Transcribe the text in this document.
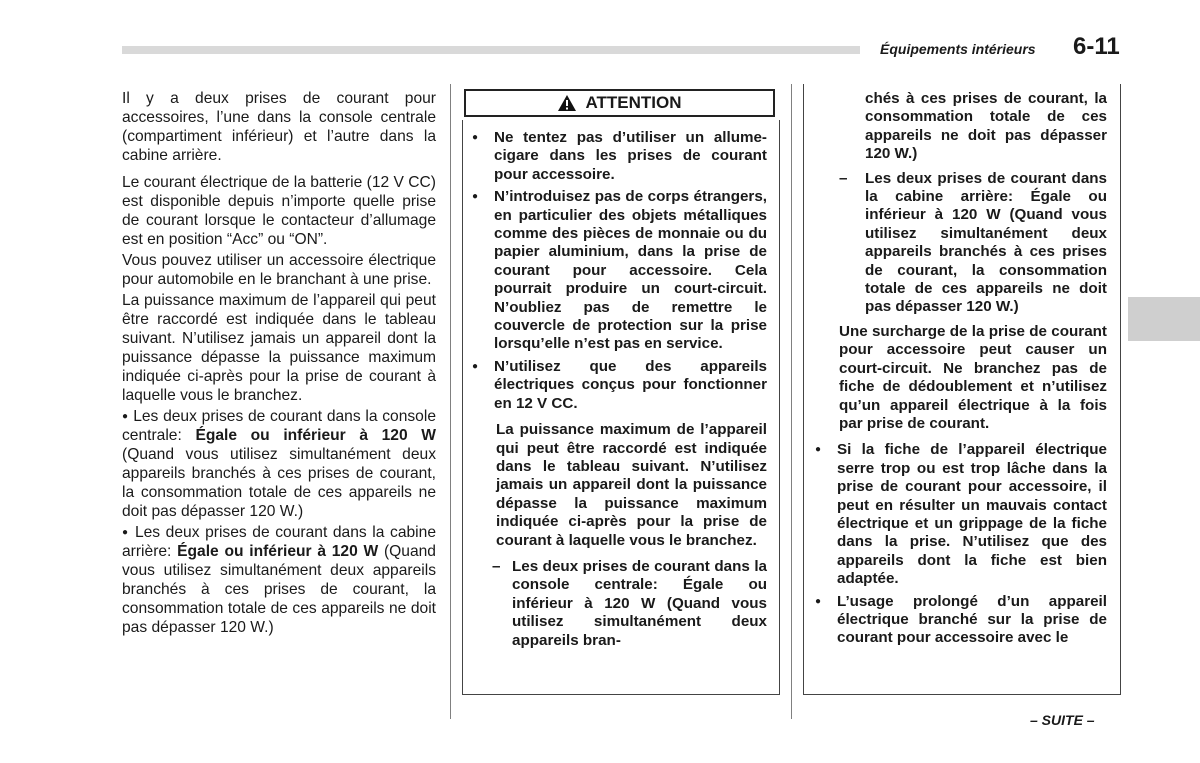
Équipements intérieurs 6-11

Il y a deux prises de courant pour accessoires, l’une dans la console centrale (compartiment inférieur) et l’autre dans la cabine arrière.

Le courant électrique de la batterie (12 V CC) est disponible depuis n’importe quelle prise de courant lorsque le contacteur d’allumage est en position “Acc” ou “ON”.

Vous pouvez utiliser un accessoire électrique pour automobile en le branchant à une prise.

La puissance maximum de l’appareil qui peut être raccordé est indiquée dans le tableau suivant. N’utilisez jamais un appareil dont la puissance dépasse la puissance maximum indiquée ci-après pour la prise de courant à laquelle vous le branchez.

● Les deux prises de courant dans la console centrale: Égale ou inférieur à 120 W (Quand vous utilisez simultanément deux appareils branchés à ces prises de courant, la consommation totale de ces appareils ne doit pas dépasser 120 W.)

● Les deux prises de courant dans la cabine arrière: Égale ou inférieur à 120 W (Quand vous utilisez simultanément deux appareils branchés à ces prises de courant, la consommation totale de ces appareils ne doit pas dépasser 120 W.)

ATTENTION
●	Ne tentez pas d’utiliser un allume-cigare dans les prises de courant pour accessoire.
●	N’introduisez pas de corps étrangers, en particulier des objets métalliques comme des pièces de monnaie ou du papier aluminium, dans la prise de courant pour accessoire. Cela pourrait produire un court-circuit. N’oubliez pas de remettre le couvercle de protection sur la prise lorsqu’elle n’est pas en service.
●	N’utilisez que des appareils électriques conçus pour fonctionner en 12 V CC.
La puissance maximum de l’appareil qui peut être raccordé est indiquée dans le tableau suivant. N’utilisez jamais un appareil dont la puissance dépasse la puissance maximum indiquée ci-après pour la prise de courant à laquelle vous le branchez.
– Les deux prises de courant dans la console centrale: Égale ou inférieur à 120 W (Quand vous utilisez simultanément deux appareils bran-
chés à ces prises de courant, la consommation totale de ces appareils ne doit pas dépasser 120 W.)
–	Les deux prises de courant dans la cabine arrière: Égale ou inférieur à 120 W (Quand vous utilisez simultanément deux appareils branchés à ces prises de courant, la consommation totale de ces appareils ne doit pas dépasser 120 W.)
Une surcharge de la prise de courant pour accessoire peut causer un court-circuit. Ne branchez pas de fiche de dédoublement et n’utilisez qu’un appareil électrique à la fois par prise de courant.
●	Si la fiche de l’appareil électrique serre trop ou est trop lâche dans la prise de courant pour accessoire, il peut en résulter un mauvais contact électrique et un grippage de la fiche dans la prise. N’utilisez que des appareils dont la fiche est bien adaptée.
●	L’usage prolongé d’un appareil électrique branché sur la prise de courant pour accessoire avec le
– SUITE –
